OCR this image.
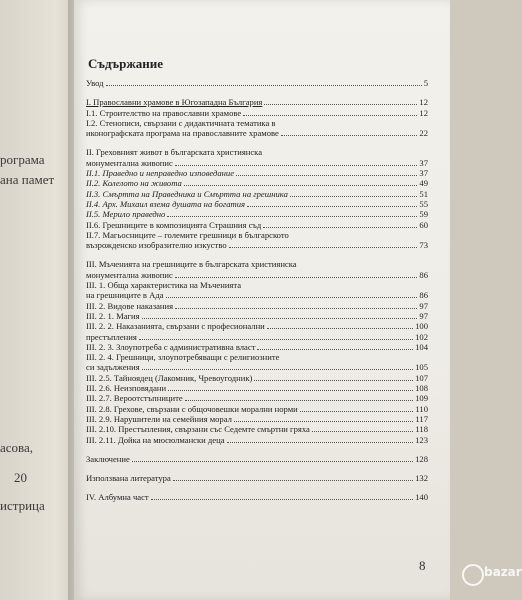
рограма
ана памет
асова,
20
истрица
Съдържание
Увод	5
I. Православни храмове в Югозападна България	12
I.1. Строителство на православни храмове	12
I.2. Стенописи, свързани с дидактичната тематика в
иконографската програма на православните храмове	22
II. Греховният живот в българската християнска
монументална живопис	37
II.1. Праведно и неправедно изповедание	37
II.2. Колелото на живота	49
II.3. Смъртта на Праведника и Смъртта на грешника	51
II.4. Арх. Михаил взема душата на богатия	55
II.5. Мерило праведно	59
II.6. Грешниците в композицията Страшния съд	60
II.7. Магьосниците – големите грешници в българското
възрожденско изобразително изкуство	73
III. Мъченията на грешниците в българската християнска
монументална живопис	86
III. 1. Обща характеристика на Мъченията
на грешниците в Ада	86
III. 2. Видове наказания	97
III. 2. 1. Магия	97
III. 2. 2. Наказанията, свързани с професионални	100
престъпления	102
III. 2. 3. Злоупотреба с административна власт	104
III. 2. 4. Грешници, злоупотребяващи с религиозните
си задължения	105
III. 2.5. Тайноядец (Лакомник, Чревоугодник)	107
III. 2.6. Неизповядани	108
III. 2.7. Вероотстъпниците	109
III. 2.8. Грехове, свързани с общочовешки морални норми	110
III. 2.9. Нарушители на семейния морал	117
III. 2.10. Престъпления, свързани със Седемте смъртни гряха	118
III. 2.11. Дойка на мюсюлмански деца	123
Заключение	128
Използвана литература	132
IV. Албумна част	140
8	bazar
